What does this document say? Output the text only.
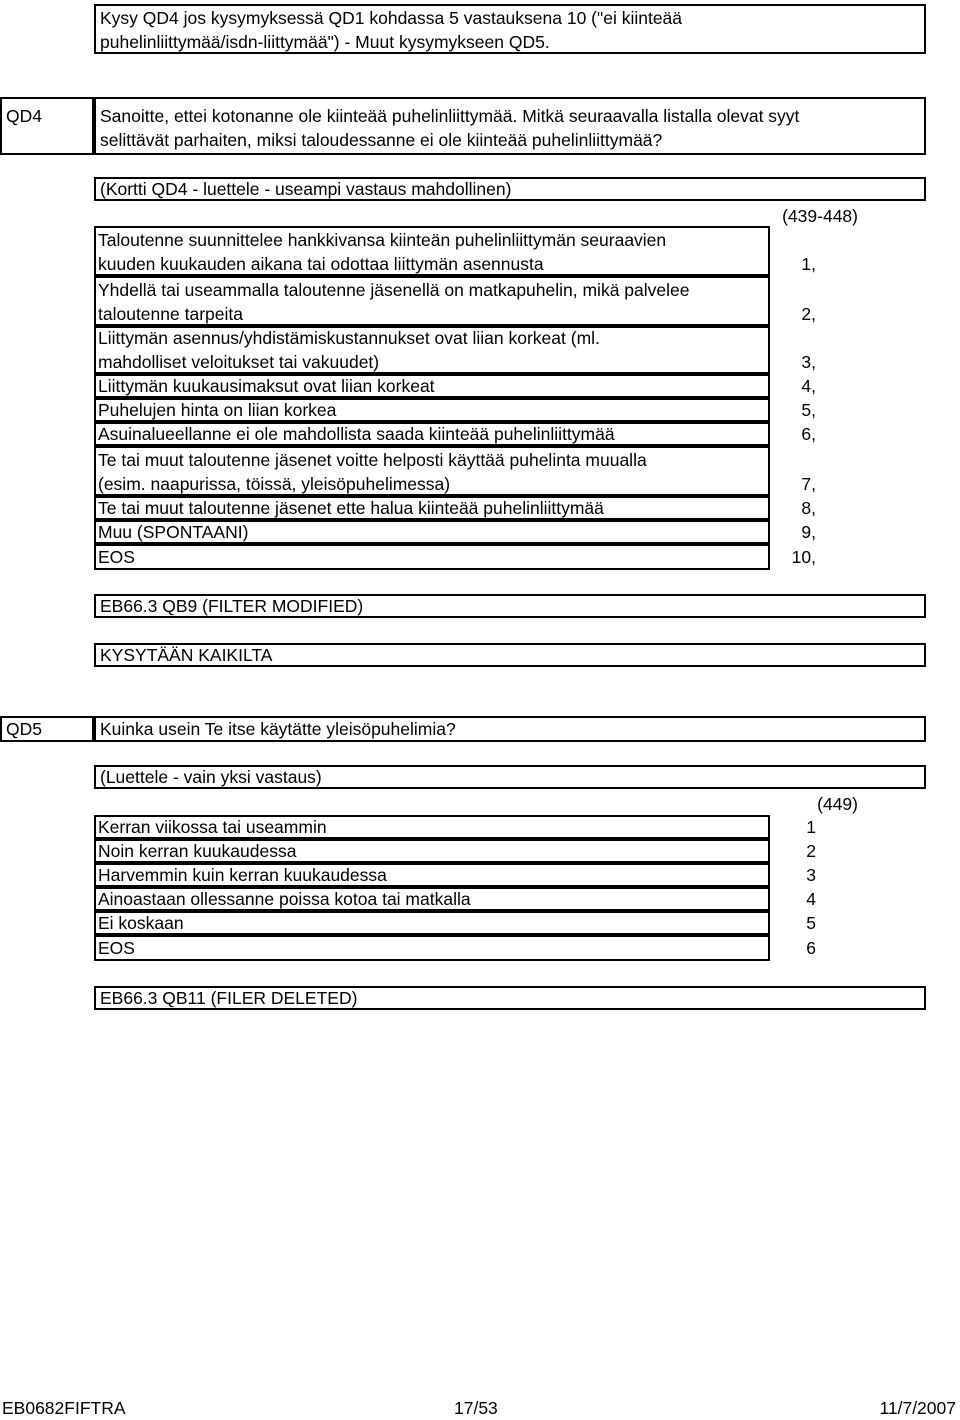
Kysy QD4 jos kysymyksessä QD1 kohdassa 5 vastauksena 10 ("ei kiinteää
puhelinliittymää/isdn-liittymää") - Muut kysymykseen QD5.
QD4	Sanoitte, ettei kotonanne ole kiinteää puhelinliittymää. Mitkä seuraavalla listalla olevat syyt
selittävät parhaiten, miksi taloudessanne ei ole kiinteää puhelinliittymää?
(Kortti QD4 - luettele - useampi vastaus mahdollinen)
(439-448)
Taloutenne suunnittelee hankkivansa kiinteän puhelinliittymän seuraavien
kuuden kuukauden aikana tai odottaa liittymän asennusta	1,
Yhdellä tai useammalla taloutenne jäsenellä on matkapuhelin, mikä palvelee
taloutenne tarpeita	2,
Liittymän asennus/yhdistämiskustannukset ovat liian korkeat (ml.
mahdolliset veloitukset tai vakuudet)	3,
Liittymän kuukausimaksut ovat liian korkeat	4,
Puhelujen hinta on liian korkea	5,
Asuinalueellanne ei ole mahdollista saada kiinteää puhelinliittymää	6,
Te tai muut taloutenne jäsenet voitte helposti käyttää puhelinta muualla
(esim. naapurissa, töissä, yleisöpuhelimessa)	7,
Te tai muut taloutenne jäsenet ette halua kiinteää puhelinliittymää	8,
Muu (SPONTAANI)	9,
EOS	10,
EB66.3 QB9 (FILTER MODIFIED)
KYSYTÄÄN KAIKILTA
QD5	Kuinka usein Te itse käytätte yleisöpuhelimia?
(Luettele - vain yksi vastaus)
(449)
Kerran viikossa tai useammin	1
Noin kerran kuukaudessa	2
Harvemmin kuin kerran kuukaudessa	3
Ainoastaan ollessanne poissa kotoa tai matkalla	4
Ei koskaan	5
EOS	6
EB66.3 QB11 (FILER DELETED)
EB0682FIFTRA	17/53	11/7/2007
